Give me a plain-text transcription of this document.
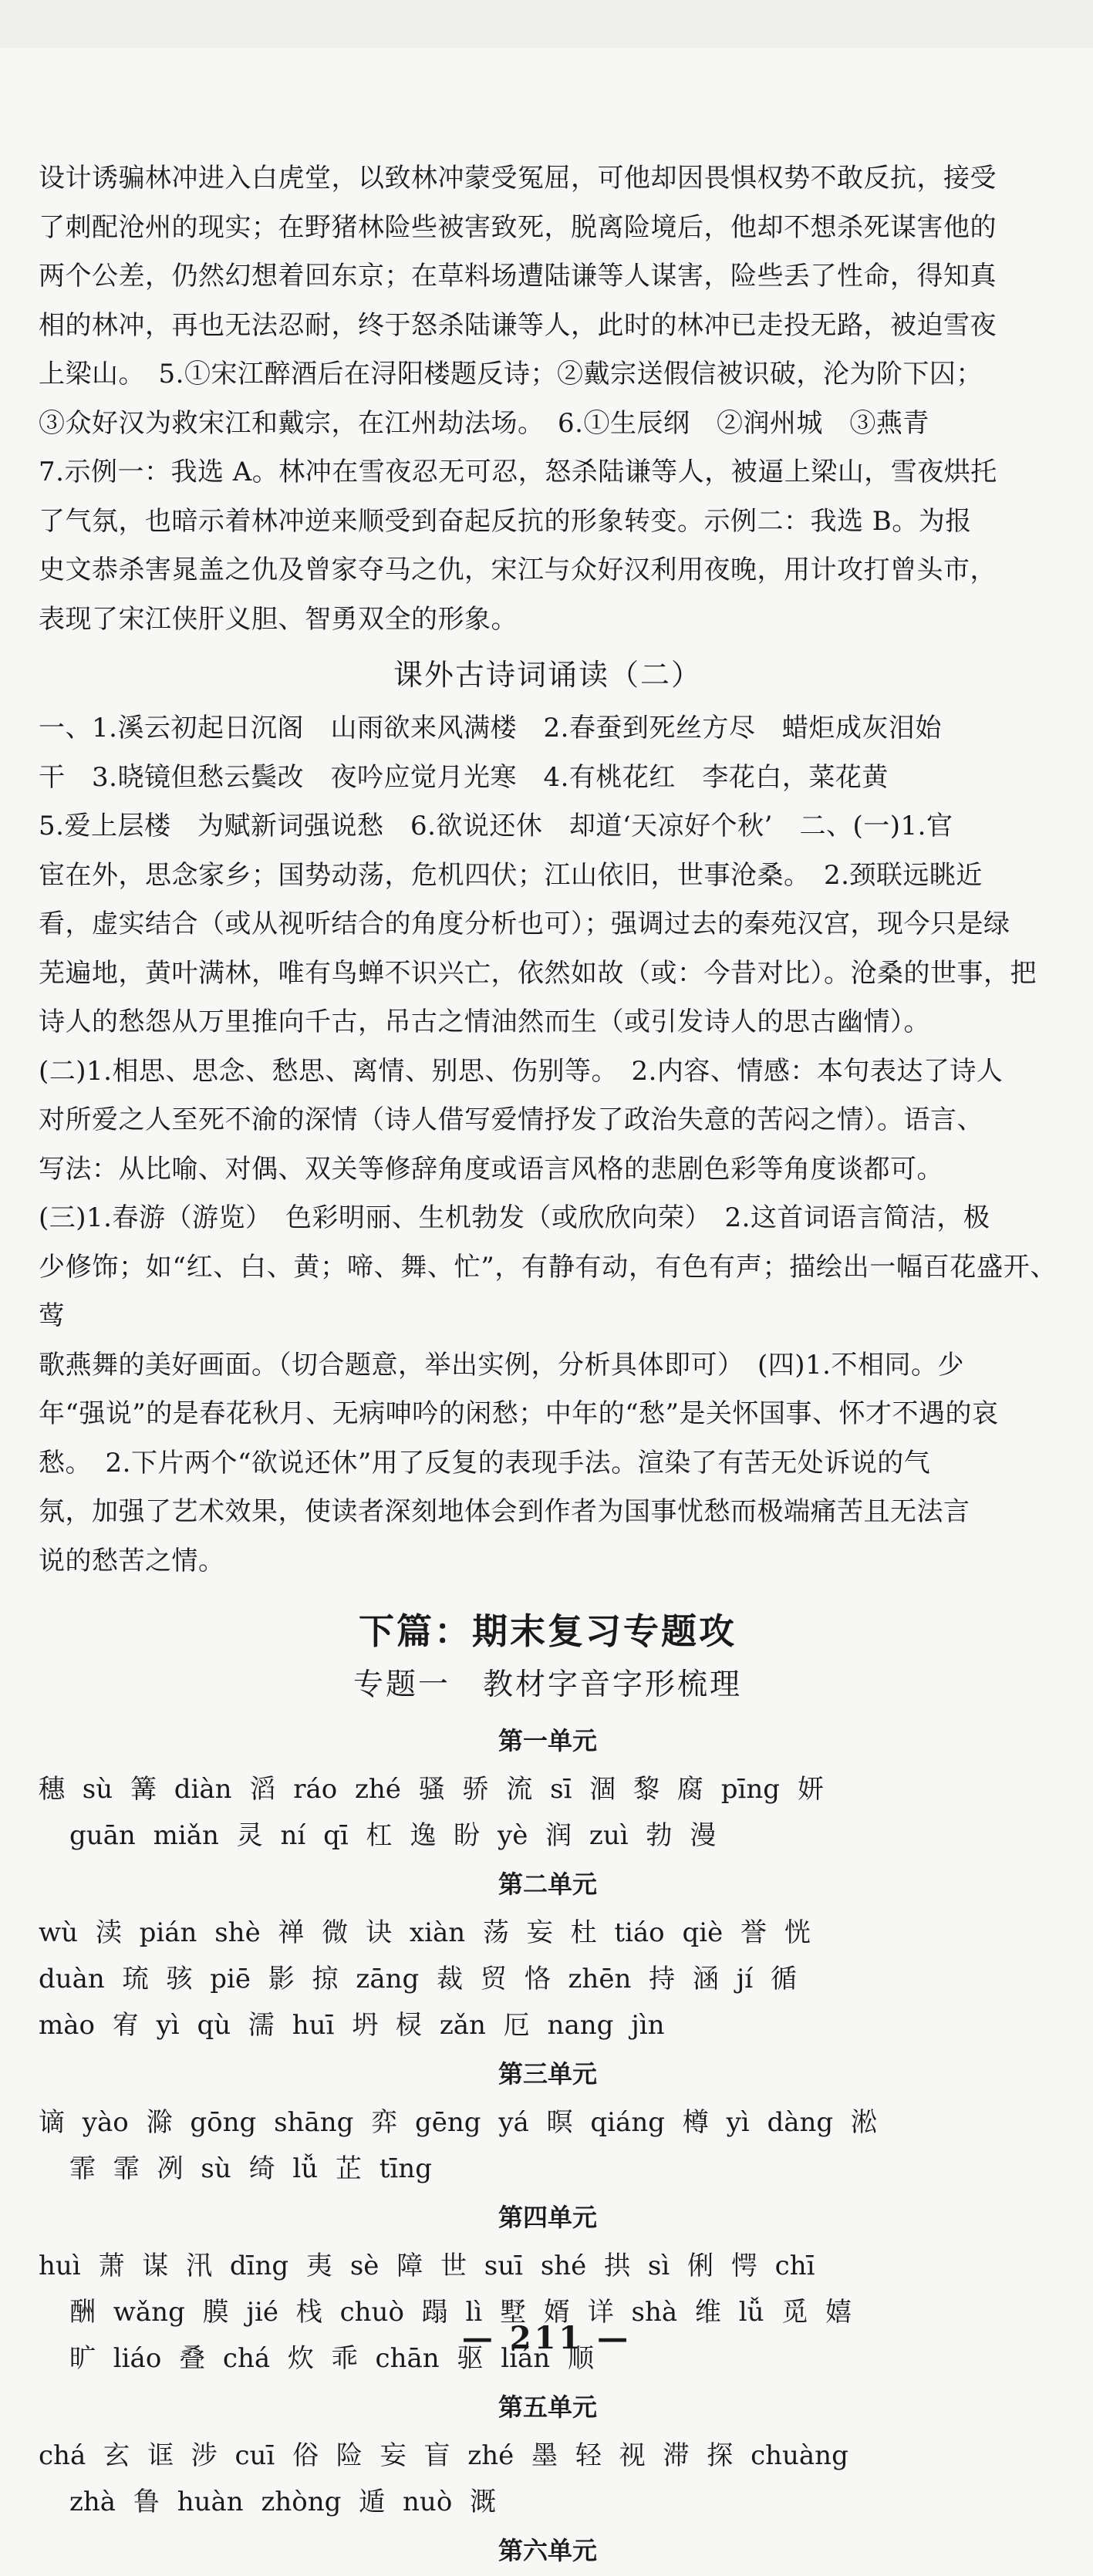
设计诱骗林冲进入白虎堂，以致林冲蒙受冤屈，可他却因畏惧权势不敢反抗，接受

了刺配沧州的现实；在野猪林险些被害致死，脱离险境后，他却不想杀死谋害他的

两个公差，仍然幻想着回东京；在草料场遭陆谦等人谋害，险些丢了性命，得知真

相的林冲，再也无法忍耐，终于怒杀陆谦等人，此时的林冲已走投无路，被迫雪夜

上梁山。　5.①宋江醉酒后在浔阳楼题反诗；②戴宗送假信被识破，沦为阶下囚；

③众好汉为救宋江和戴宗，在江州劫法场。　6.①生辰纲　②润州城　③燕青

7.示例一：我选 A。林冲在雪夜忍无可忍，怒杀陆谦等人，被逼上梁山，雪夜烘托

了气氛，也暗示着林冲逆来顺受到奋起反抗的形象转变。示例二：我选 B。为报

史文恭杀害晁盖之仇及曾家夺马之仇，宋江与众好汉利用夜晚，用计攻打曾头市，

表现了宋江侠肝义胆、智勇双全的形象。

课外古诗词诵读（二）

一、1.溪云初起日沉阁　山雨欲来风满楼　2.春蚕到死丝方尽　蜡炬成灰泪始

干　3.晓镜但愁云鬓改　夜吟应觉月光寒　4.有桃花红　李花白，菜花黄

5.爱上层楼　为赋新词强说愁　6.欲说还休　却道‘天凉好个秋’　二、(一)1.官

宦在外，思念家乡；国势动荡，危机四伏；江山依旧，世事沧桑。　2.颈联远眺近

看，虚实结合（或从视听结合的角度分析也可）；强调过去的秦苑汉宫，现今只是绿

芜遍地，黄叶满林，唯有鸟蝉不识兴亡，依然如故（或：今昔对比）。沧桑的世事，把

诗人的愁怨从万里推向千古，吊古之情油然而生（或引发诗人的思古幽情）。

(二)1.相思、思念、愁思、离情、别思、伤别等。　2.内容、情感：本句表达了诗人

对所爱之人至死不渝的深情（诗人借写爱情抒发了政治失意的苦闷之情）。语言、

写法：从比喻、对偶、双关等修辞角度或语言风格的悲剧色彩等角度谈都可。

(三)1.春游（游览）　色彩明丽、生机勃发（或欣欣向荣）　2.这首词语言简洁，极

少修饰；如“红、白、黄；啼、舞、忙”，有静有动，有色有声；描绘出一幅百花盛开、莺

歌燕舞的美好画面。（切合题意，举出实例，分析具体即可）　(四)1.不相同。少

年“强说”的是春花秋月、无病呻吟的闲愁；中年的“愁”是关怀国事、怀才不遇的哀

愁。　2.下片两个“欲说还休”用了反复的表现手法。渲染了有苦无处诉说的气

氛，加强了艺术效果，使读者深刻地体会到作者为国事忧愁而极端痛苦且无法言

说的愁苦之情。

下篇：期末复习专题攻
专题一　教材字音字形梳理
第一单元

穗 sù 篝 diàn 滔 ráo zhé 骚 骄 流 sī 涸 黎 腐 pīng 妍

guān miǎn 灵 ní qī 杠 逸 盼 yè 润 zuì 勃 漫

第二单元

wù 渎 pián shè 禅 微 诀 xiàn 荡 妄 杜 tiáo qiè 誉 恍

duàn 琉 骇 piē 影 掠 zāng 裁 贸 恪 zhēn 持 涵 jí 循

mào 宥 yì qù 濡 huī 坍 棂 zǎn 厄 nang jìn

第三单元

谪 yào 滁 gōng shāng 弈 gēng yá 暝 qiáng 樽 yì dàng 淞

霏 霏 冽 sù 绮 lǚ 芷 tīng

第四单元

huì 萧 谋 汛 dīng 夷 sè 障 世 suī shé 拱 sì 俐 愕 chī

酬 wǎng 膜 jié 栈 chuò 蹋 lì 墅 婿 详 shà 维 lǚ 觅 嬉

旷 liáo 叠 chá 炊 乖 chān 驱 lián 顺

第五单元

chá 玄 诓 涉 cuī 俗 险 妄 盲 zhé 墨 轻 视 滞 探 chuàng

zhà 鲁 huàn zhòng 遁 nuò 溉

第六单元
— 211 —
